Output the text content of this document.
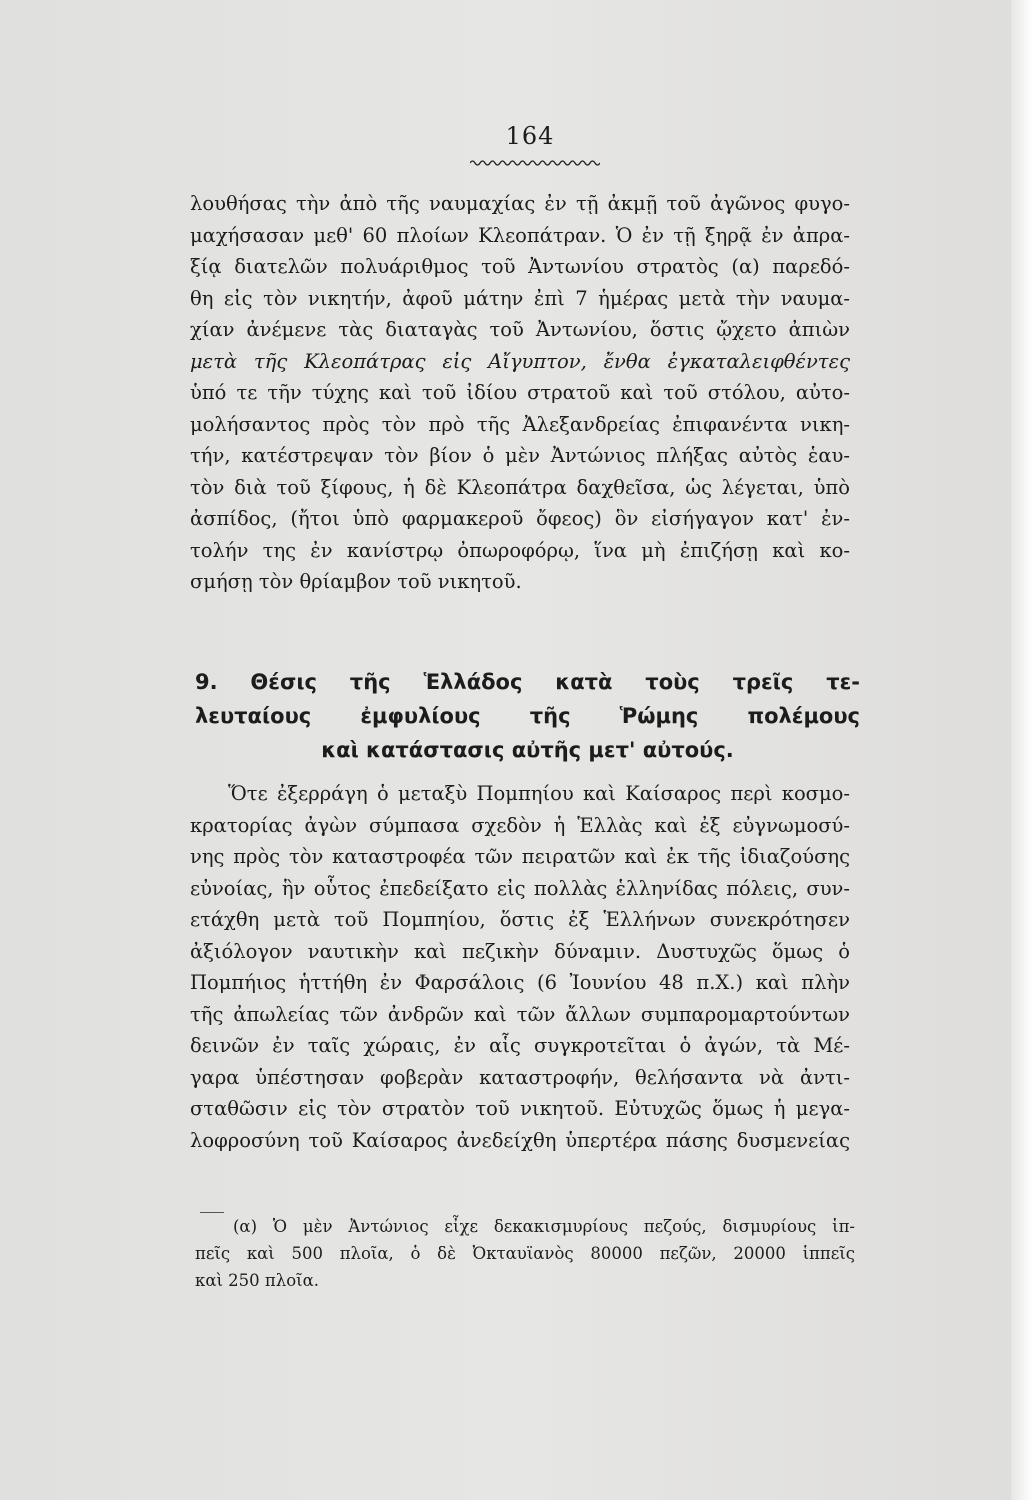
164
λουθήσας τὴν ἀπὸ τῆς ναυμαχίας ἐν τῇ ἀκμῇ τοῦ ἀγῶνος φυγο-
μαχήσασαν μεθ' 60 πλοίων Κλεοπάτραν. Ὁ ἐν τῇ ξηρᾷ ἐν ἀπρα-
ξίᾳ διατελῶν πολυάριθμος τοῦ Ἀντωνίου στρατὸς (α) παρεδό-
θη εἰς τὸν νικητήν, ἀφοῦ μάτην ἐπὶ 7 ἡμέρας μετὰ τὴν ναυμα-
χίαν ἀνέμενε τὰς διαταγὰς τοῦ Ἀντωνίου, ὅστις ᾤχετο ἀπιὼν
μετὰ τῆς Κλεοπάτρας εἰς Αἴγυπτον, ἔνθα ἐγκαταλειφθέντες
ὑπό τε τῆν τύχης καὶ τοῦ ἰδίου στρατοῦ καὶ τοῦ στόλου, αὐτο-
μολήσαντος πρὸς τὸν πρὸ τῆς Ἀλεξανδρείας ἐπιφανέντα νικη-
τήν, κατέστρεψαν τὸν βίον ὁ μὲν Ἀντώνιος πλήξας αὐτὸς ἑαυ-
τὸν διὰ τοῦ ξίφους, ἡ δὲ Κλεοπάτρα δαχθεῖσα, ὡς λέγεται, ὑπὸ
ἀσπίδος, (ἤτοι ὑπὸ φαρμακεροῦ ὄφεος) ὃν εἰσήγαγον κατ' ἐν-
τολήν της ἐν κανίστρῳ ὀπωροφόρῳ, ἵνα μὴ ἐπιζήσῃ καὶ κο-
σμήσῃ τὸν θρίαμβον τοῦ νικητοῦ.
9. Θέσις τῆς Ἑλλάδος κατὰ τοὺς τρεῖς τε-
λευταίους ἐμφυλίους τῆς Ῥώμης πολέμους
καὶ κατάστασις αὐτῆς μετ' αὐτούς.
Ὅτε ἐξερράγη ὁ μεταξὺ Πομπηίου καὶ Καίσαρος περὶ κοσμο-
κρατορίας ἀγὼν σύμπασα σχεδὸν ἡ Ἑλλὰς καὶ ἐξ εὐγνωμοσύ-
νης πρὸς τὸν καταστροφέα τῶν πειρατῶν καὶ ἐκ τῆς ἰδιαζούσης
εὐνοίας, ἣν οὗτος ἐπεδείξατο εἰς πολλὰς ἑλληνίδας πόλεις, συν-
ετάχθη μετὰ τοῦ Πομπηίου, ὅστις ἐξ Ἑλλήνων συνεκρότησεν
ἀξιόλογον ναυτικὴν καὶ πεζικὴν δύναμιν. Δυστυχῶς ὅμως ὁ
Πομπήιος ἡττήθη ἐν Φαρσάλοις (6 Ἰουνίου 48 π.Χ.) καὶ πλὴν
τῆς ἀπωλείας τῶν ἀνδρῶν καὶ τῶν ἄλλων συμπαρομαρτούντων
δεινῶν ἐν ταῖς χώραις, ἐν αἷς συγκροτεῖται ὁ ἀγών, τὰ Μέ-
γαρα ὑπέστησαν φοβερὰν καταστροφήν, θελήσαντα νὰ ἀντι-
σταθῶσιν εἰς τὸν στρατὸν τοῦ νικητοῦ. Εὐτυχῶς ὅμως ἡ μεγα-
λοφροσύνη τοῦ Καίσαρος ἀνεδείχθη ὑπερτέρα πάσης δυσμενείας
(α) Ὁ μὲν Ἀντώνιος εἶχε δεκακισμυρίους πεζούς, δισμυρίους ἱπ-
πεῖς καὶ 500 πλοῖα, ὁ δὲ Ὀκταυϊανὸς 80000 πεζῶν, 20000 ἱππεῖς
καὶ 250 πλοῖα.
